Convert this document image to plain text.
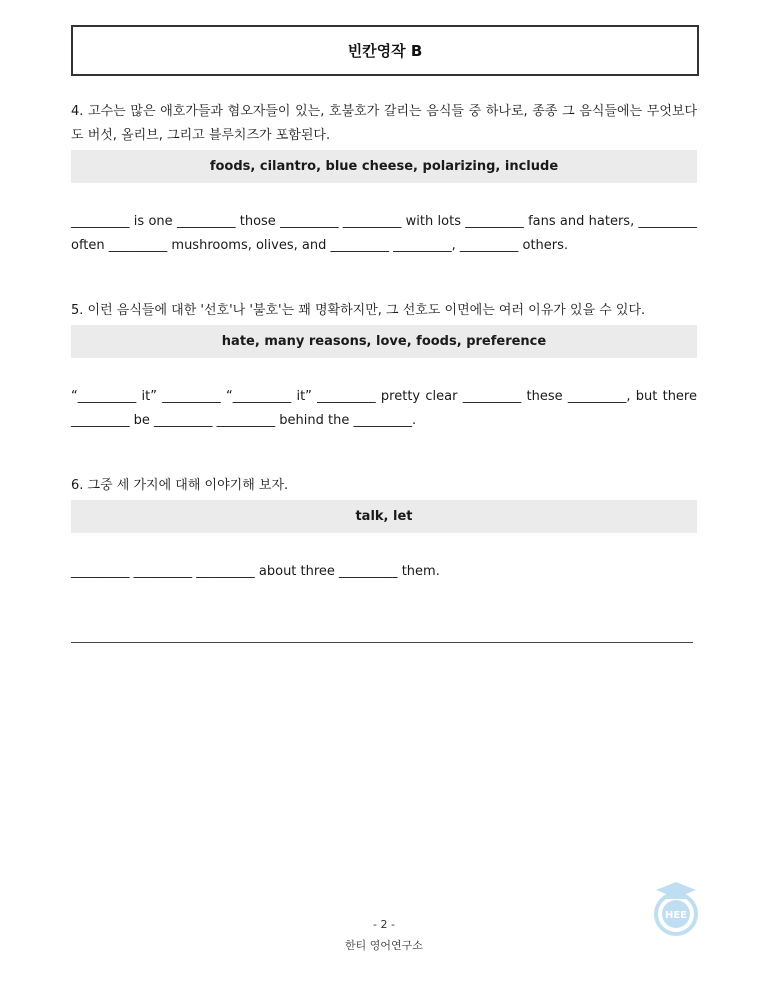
빈칸영작 B
4. 고수는 많은 애호가들과 혐오자들이 있는, 호불호가 갈리는 음식들 중 하나로, 종종 그 음식들에는 무엇보다도 버섯, 올리브, 그리고 블루치즈가 포함된다.
foods, cilantro, blue cheese, polarizing, include
_________ is one _________ those _________ _________ with lots _________ fans and haters, _________
often _________ mushrooms, olives, and _________ _________, _________ others.
5. 이런 음식들에 대한 '선호'나 '불호'는 꽤 명확하지만, 그 선호도 이면에는 여러 이유가 있을 수 있다.
hate, many reasons, love, foods, preference
“_________ it” _________ “_________ it” _________ pretty clear _________ these _________, but there
_________ be _________ _________ behind the _________.
6. 그중 세 가지에 대해 이야기해 보자.
talk, let
_________ _________ _________ about three _________ them.
HEE
- 2 -
한티 영어연구소
